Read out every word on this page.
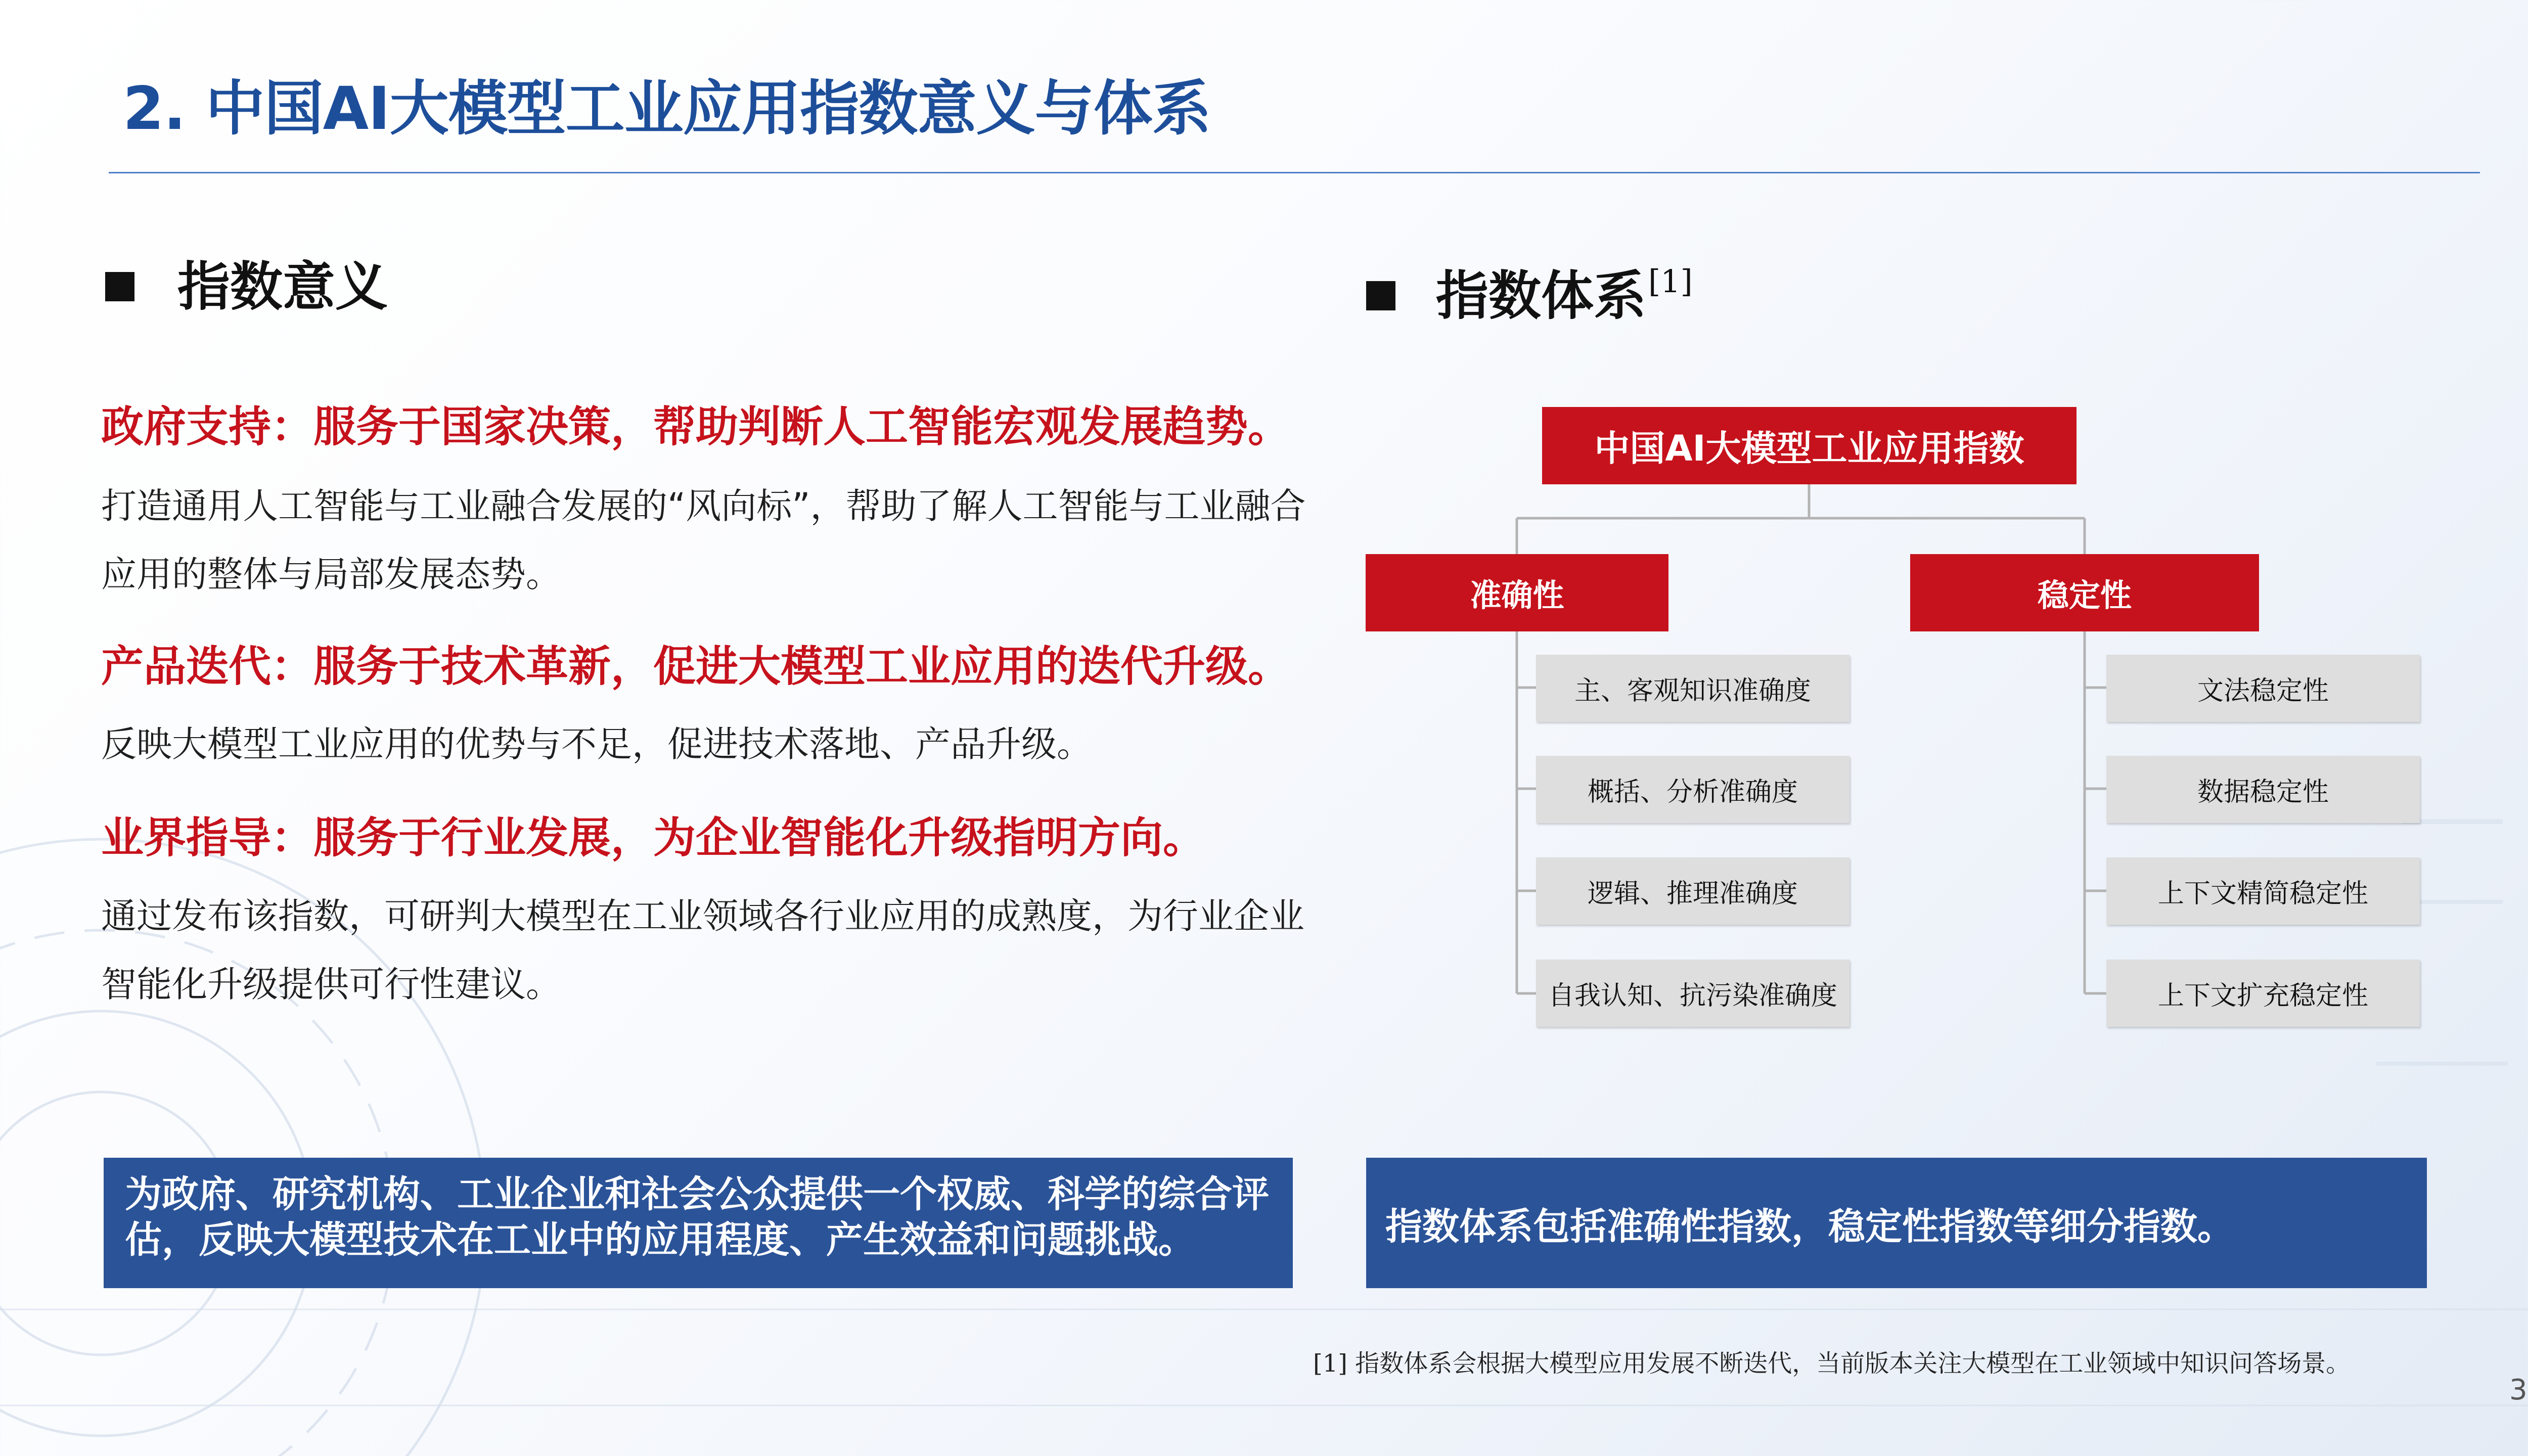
2. 中国AI大模型工业应用指数意义与体系
指数意义
政府支持：服务于国家决策，帮助判断人工智能宏观发展趋势。
打造通用人工智能与工业融合发展的“风向标”，帮助了解人工智能与工业融合应用的整体与局部发展态势。
产品迭代：服务于技术革新，促进大模型工业应用的迭代升级。
反映大模型工业应用的优势与不足，促进技术落地、产品升级。
业界指导：服务于行业发展，为企业智能化升级指明方向。
通过发布该指数，可研判大模型在工业领域各行业应用的成熟度，为行业企业智能化升级提供可行性建议。
为政府、研究机构、工业企业和社会公众提供一个权威、科学的综合评估，反映大模型技术在工业中的应用程度、产生效益和问题挑战。
指数体系 [1]
中国AI大模型工业应用指数
准确性	稳定性
主、客观知识准确度
概括、分析准确度
逻辑、推理准确度
自我认知、抗污染准确度
文法稳定性
数据稳定性
上下文精简稳定性
上下文扩充稳定性
指数体系包括准确性指数，稳定性指数等细分指数。
[1] 指数体系会根据大模型应用发展不断迭代，当前版本关注大模型在工业领域中知识问答场景。
3
